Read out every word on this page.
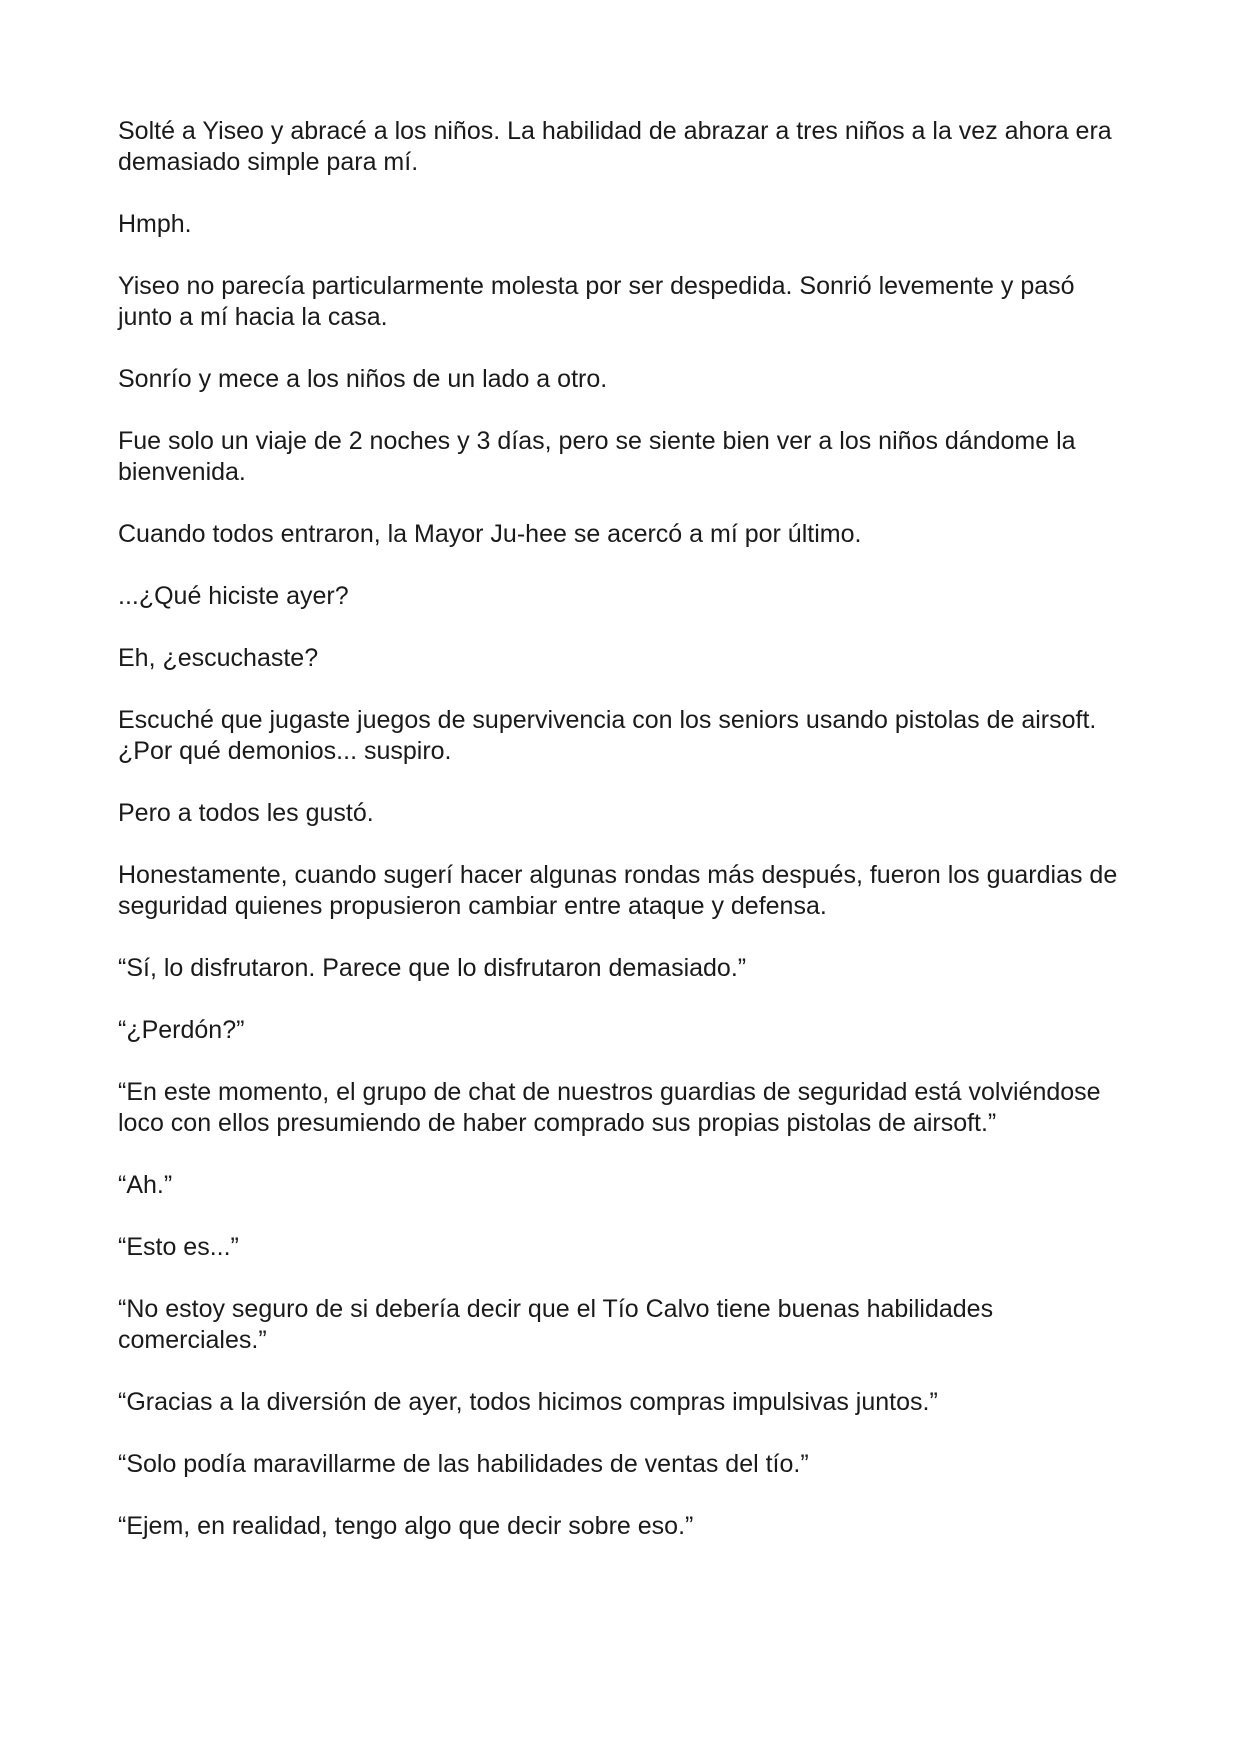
Solté a Yiseo y abracé a los niños. La habilidad de abrazar a tres niños a la vez ahora era demasiado simple para mí.

Hmph.

Yiseo no parecía particularmente molesta por ser despedida. Sonrió levemente y pasó junto a mí hacia la casa.

Sonrío y mece a los niños de un lado a otro.

Fue solo un viaje de 2 noches y 3 días, pero se siente bien ver a los niños dándome la bienvenida.

Cuando todos entraron, la Mayor Ju-hee se acercó a mí por último.

...¿Qué hiciste ayer?

Eh, ¿escuchaste?

Escuché que jugaste juegos de supervivencia con los seniors usando pistolas de airsoft. ¿Por qué demonios... suspiro.

Pero a todos les gustó.

Honestamente, cuando sugerí hacer algunas rondas más después, fueron los guardias de seguridad quienes propusieron cambiar entre ataque y defensa.

“Sí, lo disfrutaron. Parece que lo disfrutaron demasiado.”

“¿Perdón?”

“En este momento, el grupo de chat de nuestros guardias de seguridad está volviéndose loco con ellos presumiendo de haber comprado sus propias pistolas de airsoft.”

“Ah.”

“Esto es...”

“No estoy seguro de si debería decir que el Tío Calvo tiene buenas habilidades comerciales.”

“Gracias a la diversión de ayer, todos hicimos compras impulsivas juntos.”

“Solo podía maravillarme de las habilidades de ventas del tío.”

“Ejem, en realidad, tengo algo que decir sobre eso.”
